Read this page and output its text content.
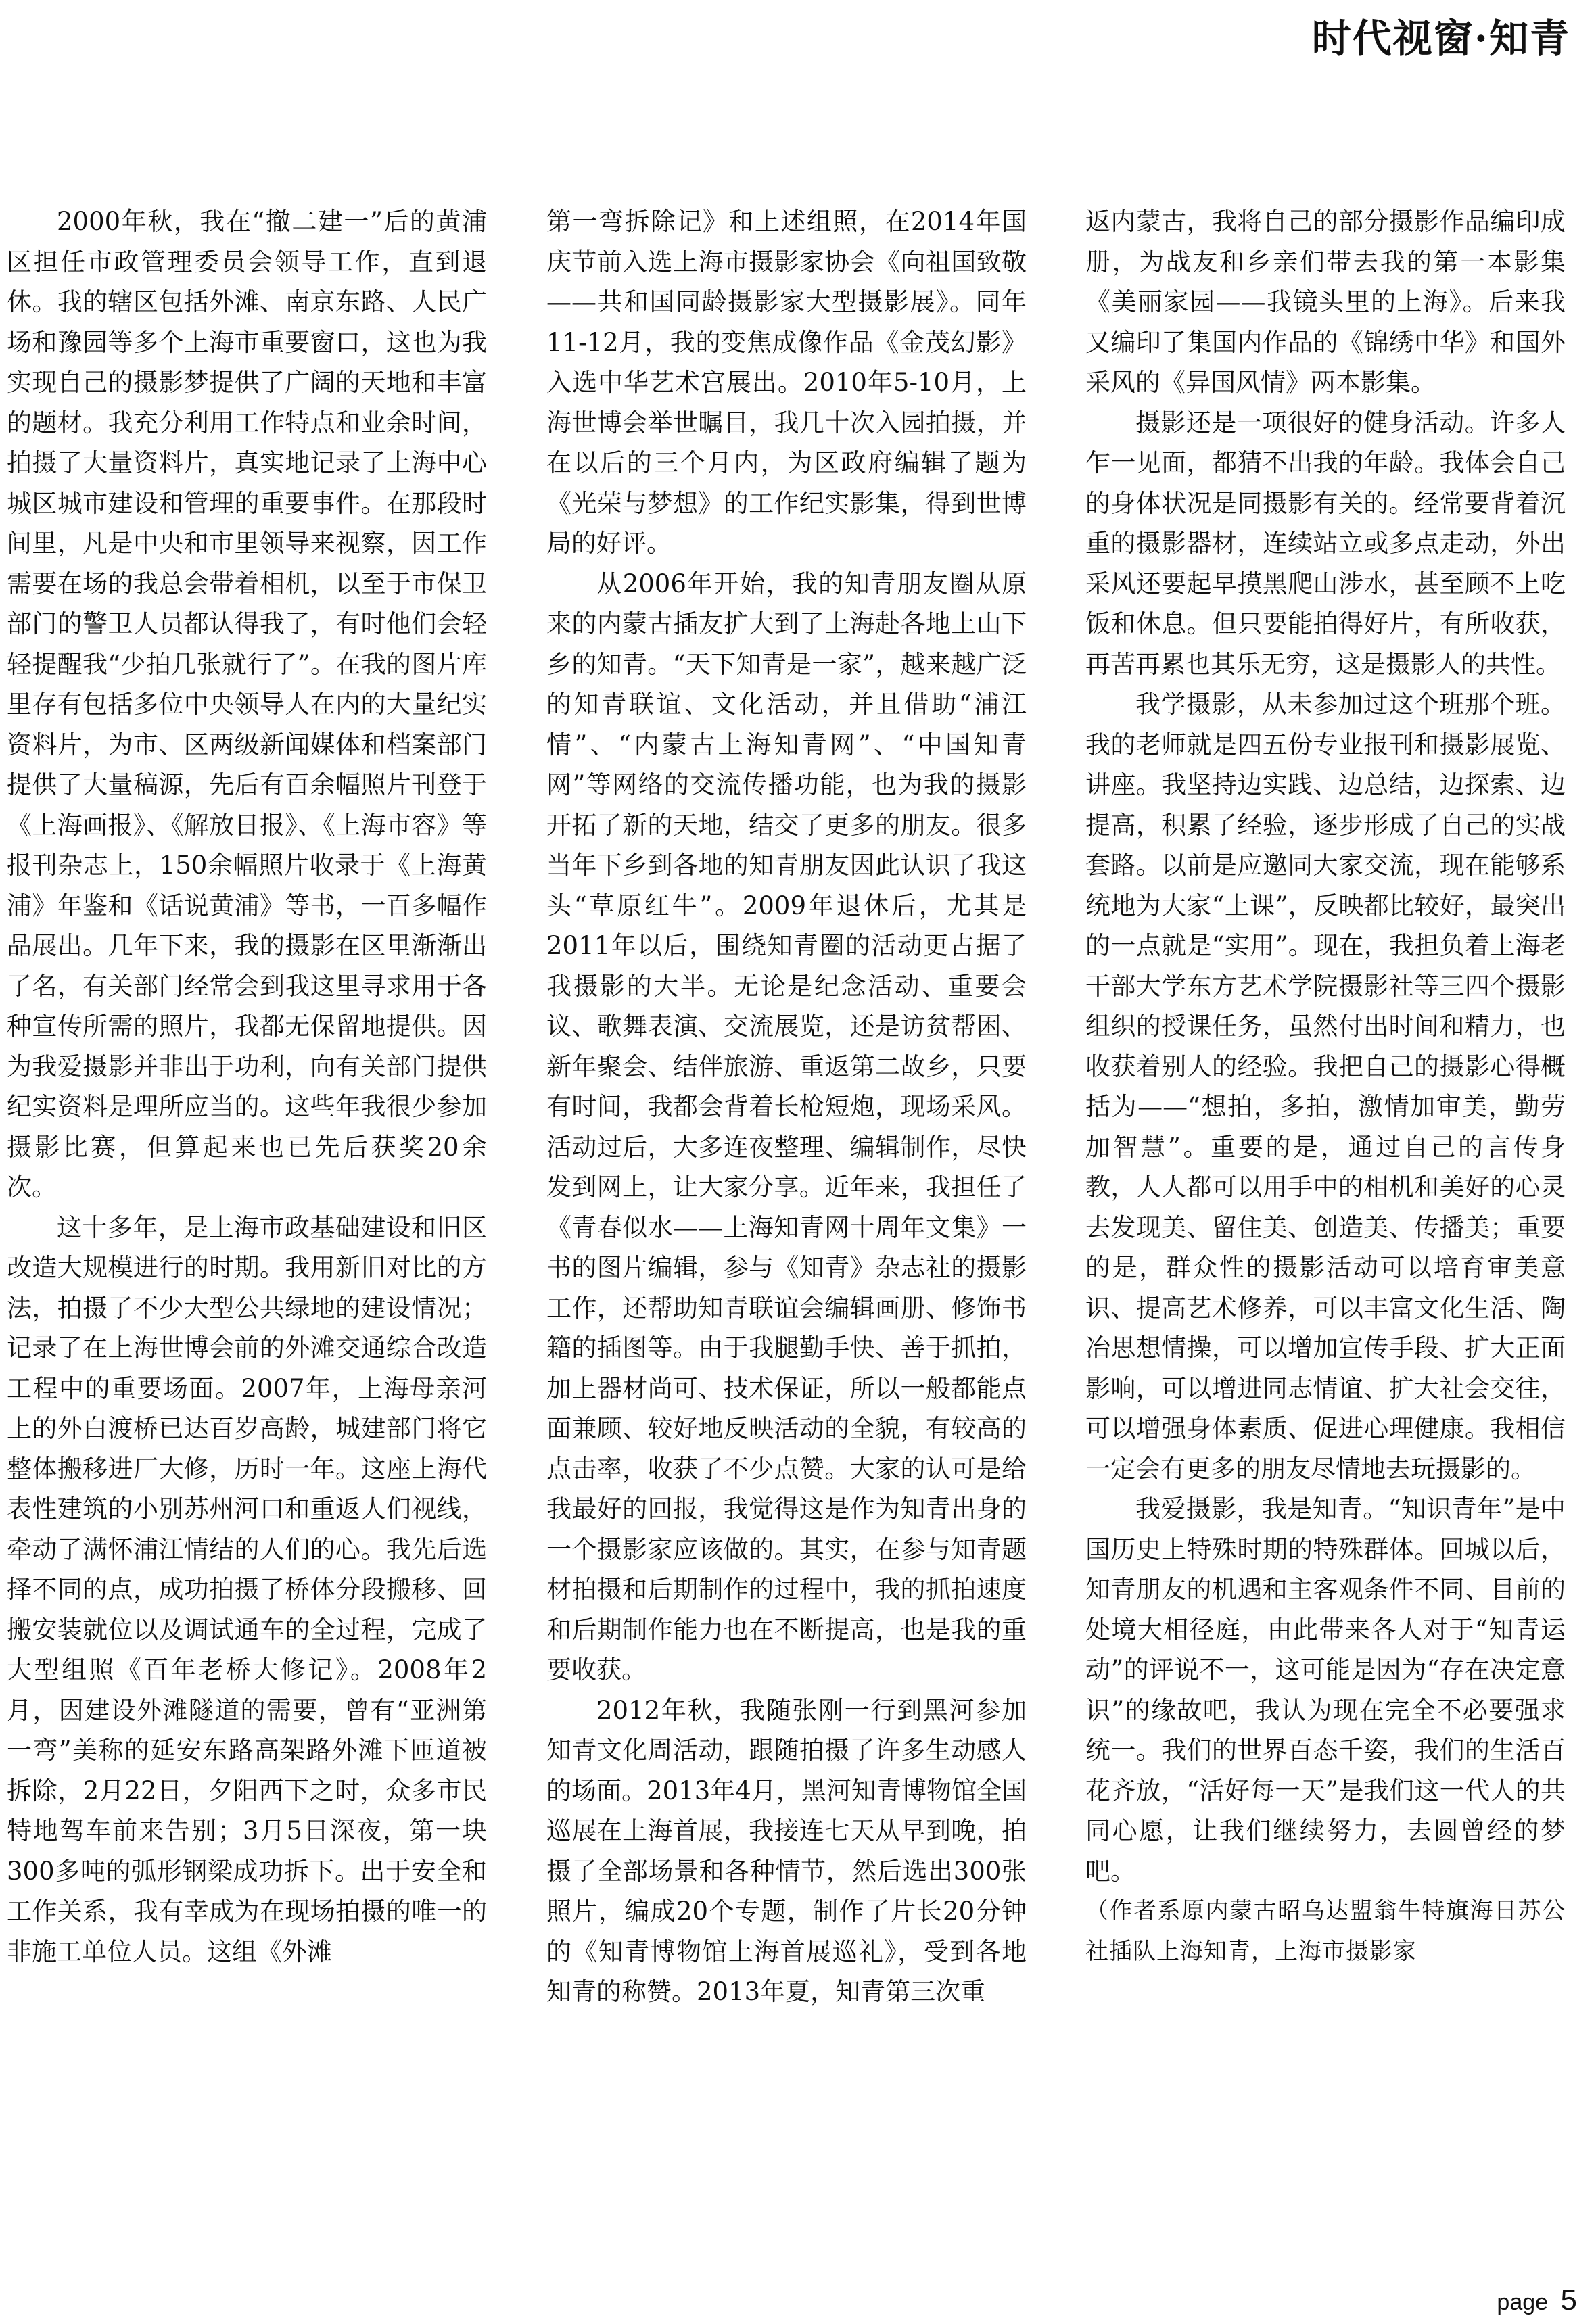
时代视窗·知青

2000年秋，我在“撤二建一”后的黄浦区担任市政管理委员会领导工作，直到退休。我的辖区包括外滩、南京东路、人民广场和豫园等多个上海市重要窗口，这也为我实现自己的摄影梦提供了广阔的天地和丰富的题材。我充分利用工作特点和业余时间，拍摄了大量资料片，真实地记录了上海中心城区城市建设和管理的重要事件。在那段时间里，凡是中央和市里领导来视察，因工作需要在场的我总会带着相机，以至于市保卫部门的警卫人员都认得我了，有时他们会轻轻提醒我“少拍几张就行了”。在我的图片库里存有包括多位中央领导人在内的大量纪实资料片，为市、区两级新闻媒体和档案部门提供了大量稿源，先后有百余幅照片刊登于《上海画报》、《解放日报》、《上海市容》等报刊杂志上，150余幅照片收录于《上海黄浦》年鉴和《话说黄浦》等书，一百多幅作品展出。几年下来，我的摄影在区里渐渐出了名，有关部门经常会到我这里寻求用于各种宣传所需的照片，我都无保留地提供。因为我爱摄影并非出于功利，向有关部门提供纪实资料是理所应当的。这些年我很少参加摄影比赛，但算起来也已先后获奖20余次。

这十多年，是上海市政基础建设和旧区改造大规模进行的时期。我用新旧对比的方法，拍摄了不少大型公共绿地的建设情况；记录了在上海世博会前的外滩交通综合改造工程中的重要场面。2007年，上海母亲河上的外白渡桥已达百岁高龄，城建部门将它整体搬移进厂大修，历时一年。这座上海代表性建筑的小别苏州河口和重返人们视线，牵动了满怀浦江情结的人们的心。我先后选择不同的点，成功拍摄了桥体分段搬移、回搬安装就位以及调试通车的全过程，完成了大型组照《百年老桥大修记》。2008年2月，因建设外滩隧道的需要，曾有“亚洲第一弯”美称的延安东路高架路外滩下匝道被拆除，2月22日，夕阳西下之时，众多市民特地驾车前来告别；3月5日深夜，第一块300多吨的弧形钢梁成功拆下。出于安全和工作关系，我有幸成为在现场拍摄的唯一的非施工单位人员。这组《外滩

第一弯拆除记》和上述组照，在2014年国庆节前入选上海市摄影家协会《向祖国致敬——共和国同龄摄影家大型摄影展》。同年11-12月，我的变焦成像作品《金茂幻影》入选中华艺术宫展出。2010年5-10月，上海世博会举世瞩目，我几十次入园拍摄，并在以后的三个月内，为区政府编辑了题为《光荣与梦想》的工作纪实影集，得到世博局的好评。

从2006年开始，我的知青朋友圈从原来的内蒙古插友扩大到了上海赴各地上山下乡的知青。“天下知青是一家”，越来越广泛的知青联谊、文化活动，并且借助“浦江情”、“内蒙古上海知青网”、“中国知青网”等网络的交流传播功能，也为我的摄影开拓了新的天地，结交了更多的朋友。很多当年下乡到各地的知青朋友因此认识了我这头“草原红牛”。2009年退休后，尤其是2011年以后，围绕知青圈的活动更占据了我摄影的大半。无论是纪念活动、重要会议、歌舞表演、交流展览，还是访贫帮困、新年聚会、结伴旅游、重返第二故乡，只要有时间，我都会背着长枪短炮，现场采风。活动过后，大多连夜整理、编辑制作，尽快发到网上，让大家分享。近年来，我担任了《青春似水——上海知青网十周年文集》一书的图片编辑，参与《知青》杂志社的摄影工作，还帮助知青联谊会编辑画册、修饰书籍的插图等。由于我腿勤手快、善于抓拍，加上器材尚可、技术保证，所以一般都能点面兼顾、较好地反映活动的全貌，有较高的点击率，收获了不少点赞。大家的认可是给我最好的回报，我觉得这是作为知青出身的一个摄影家应该做的。其实，在参与知青题材拍摄和后期制作的过程中，我的抓拍速度和后期制作能力也在不断提高，也是我的重要收获。

2012年秋，我随张刚一行到黑河参加知青文化周活动，跟随拍摄了许多生动感人的场面。2013年4月，黑河知青博物馆全国巡展在上海首展，我接连七天从早到晚，拍摄了全部场景和各种情节，然后选出300张照片，编成20个专题，制作了片长20分钟的《知青博物馆上海首展巡礼》，受到各地知青的称赞。2013年夏，知青第三次重

返内蒙古，我将自己的部分摄影作品编印成册，为战友和乡亲们带去我的第一本影集《美丽家园——我镜头里的上海》。后来我又编印了集国内作品的《锦绣中华》和国外采风的《异国风情》两本影集。

摄影还是一项很好的健身活动。许多人乍一见面，都猜不出我的年龄。我体会自己的身体状况是同摄影有关的。经常要背着沉重的摄影器材，连续站立或多点走动，外出采风还要起早摸黑爬山涉水，甚至顾不上吃饭和休息。但只要能拍得好片，有所收获，再苦再累也其乐无穷，这是摄影人的共性。

我学摄影，从未参加过这个班那个班。我的老师就是四五份专业报刊和摄影展览、讲座。我坚持边实践、边总结，边探索、边提高，积累了经验，逐步形成了自己的实战套路。以前是应邀同大家交流，现在能够系统地为大家“上课”，反映都比较好，最突出的一点就是“实用”。现在，我担负着上海老干部大学东方艺术学院摄影社等三四个摄影组织的授课任务，虽然付出时间和精力，也收获着别人的经验。我把自己的摄影心得概括为——“想拍，多拍，激情加审美，勤劳加智慧”。重要的是，通过自己的言传身教，人人都可以用手中的相机和美好的心灵去发现美、留住美、创造美、传播美；重要的是，群众性的摄影活动可以培育审美意识、提高艺术修养，可以丰富文化生活、陶冶思想情操，可以增加宣传手段、扩大正面影响，可以增进同志情谊、扩大社会交往，可以增强身体素质、促进心理健康。我相信一定会有更多的朋友尽情地去玩摄影的。

我爱摄影，我是知青。“知识青年”是中国历史上特殊时期的特殊群体。回城以后，知青朋友的机遇和主客观条件不同、目前的处境大相径庭，由此带来各人对于“知青运动”的评说不一，这可能是因为“存在决定意识”的缘故吧，我认为现在完全不必要强求统一。我们的世界百态千姿，我们的生活百花齐放，“活好每一天”是我们这一代人的共同心愿，让我们继续努力，去圆曾经的梦吧。

（作者系原内蒙古昭乌达盟翁牛特旗海日苏公社插队上海知青，上海市摄影家

page 5
